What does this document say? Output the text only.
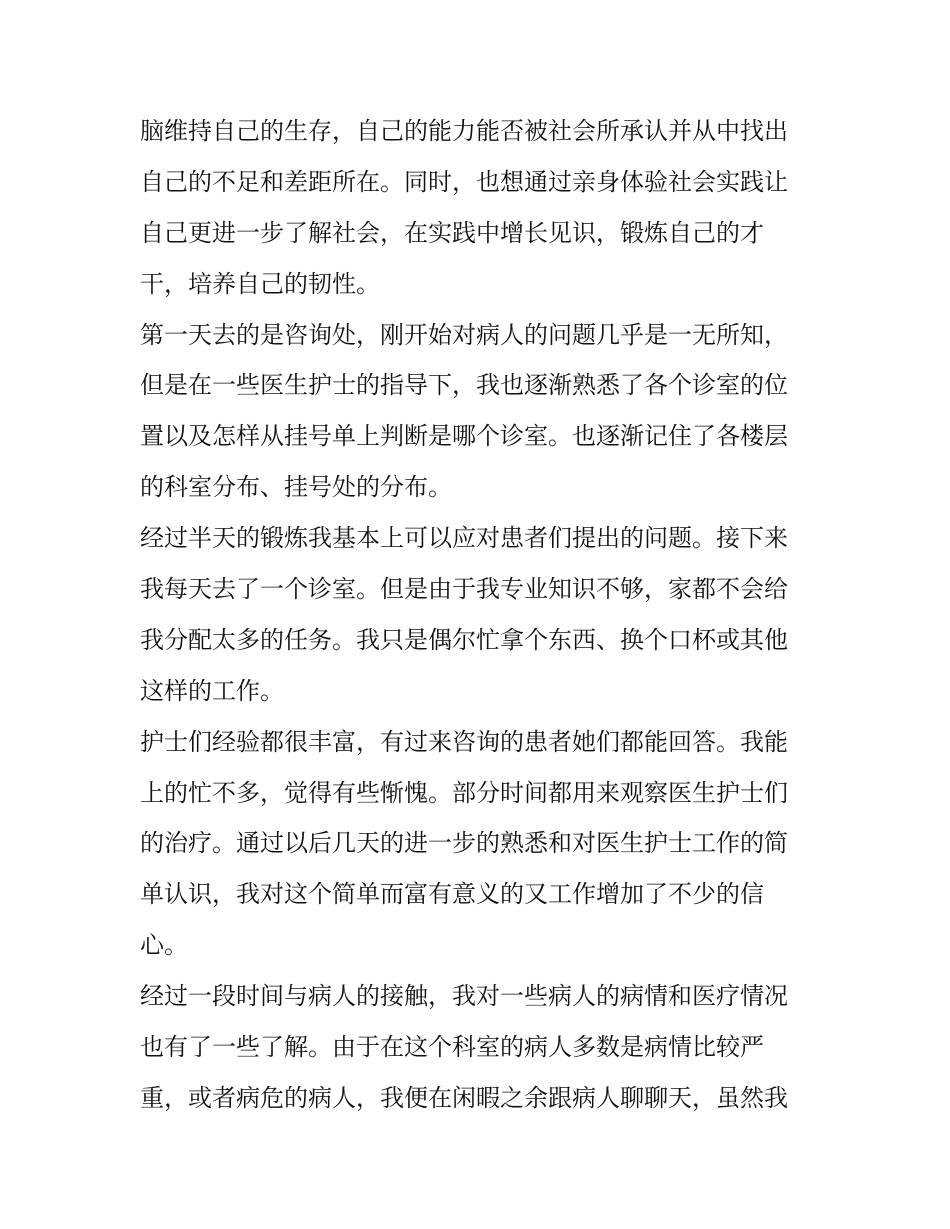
脑维持自己的生存，自己的能力能否被社会所承认并从中找出
自己的不足和差距所在。同时，也想通过亲身体验社会实践让
自己更进一步了解社会，在实践中增长见识，锻炼自己的才
干，培养自己的韧性。
第一天去的是咨询处，刚开始对病人的问题几乎是一无所知，
但是在一些医生护士的指导下，我也逐渐熟悉了各个诊室的位
置以及怎样从挂号单上判断是哪个诊室。也逐渐记住了各楼层
的科室分布、挂号处的分布。
经过半天的锻炼我基本上可以应对患者们提出的问题。接下来
我每天去了一个诊室。但是由于我专业知识不够，家都不会给
我分配太多的任务。我只是偶尔忙拿个东西、换个口杯或其他
这样的工作。
护士们经验都很丰富，有过来咨询的患者她们都能回答。我能
上的忙不多，觉得有些惭愧。部分时间都用来观察医生护士们
的治疗。通过以后几天的进一步的熟悉和对医生护士工作的简
单认识，我对这个简单而富有意义的又工作增加了不少的信
心。
经过一段时间与病人的接触，我对一些病人的病情和医疗情况
也有了一些了解。由于在这个科室的病人多数是病情比较严
重，或者病危的病人，我便在闲暇之余跟病人聊聊天，虽然我
